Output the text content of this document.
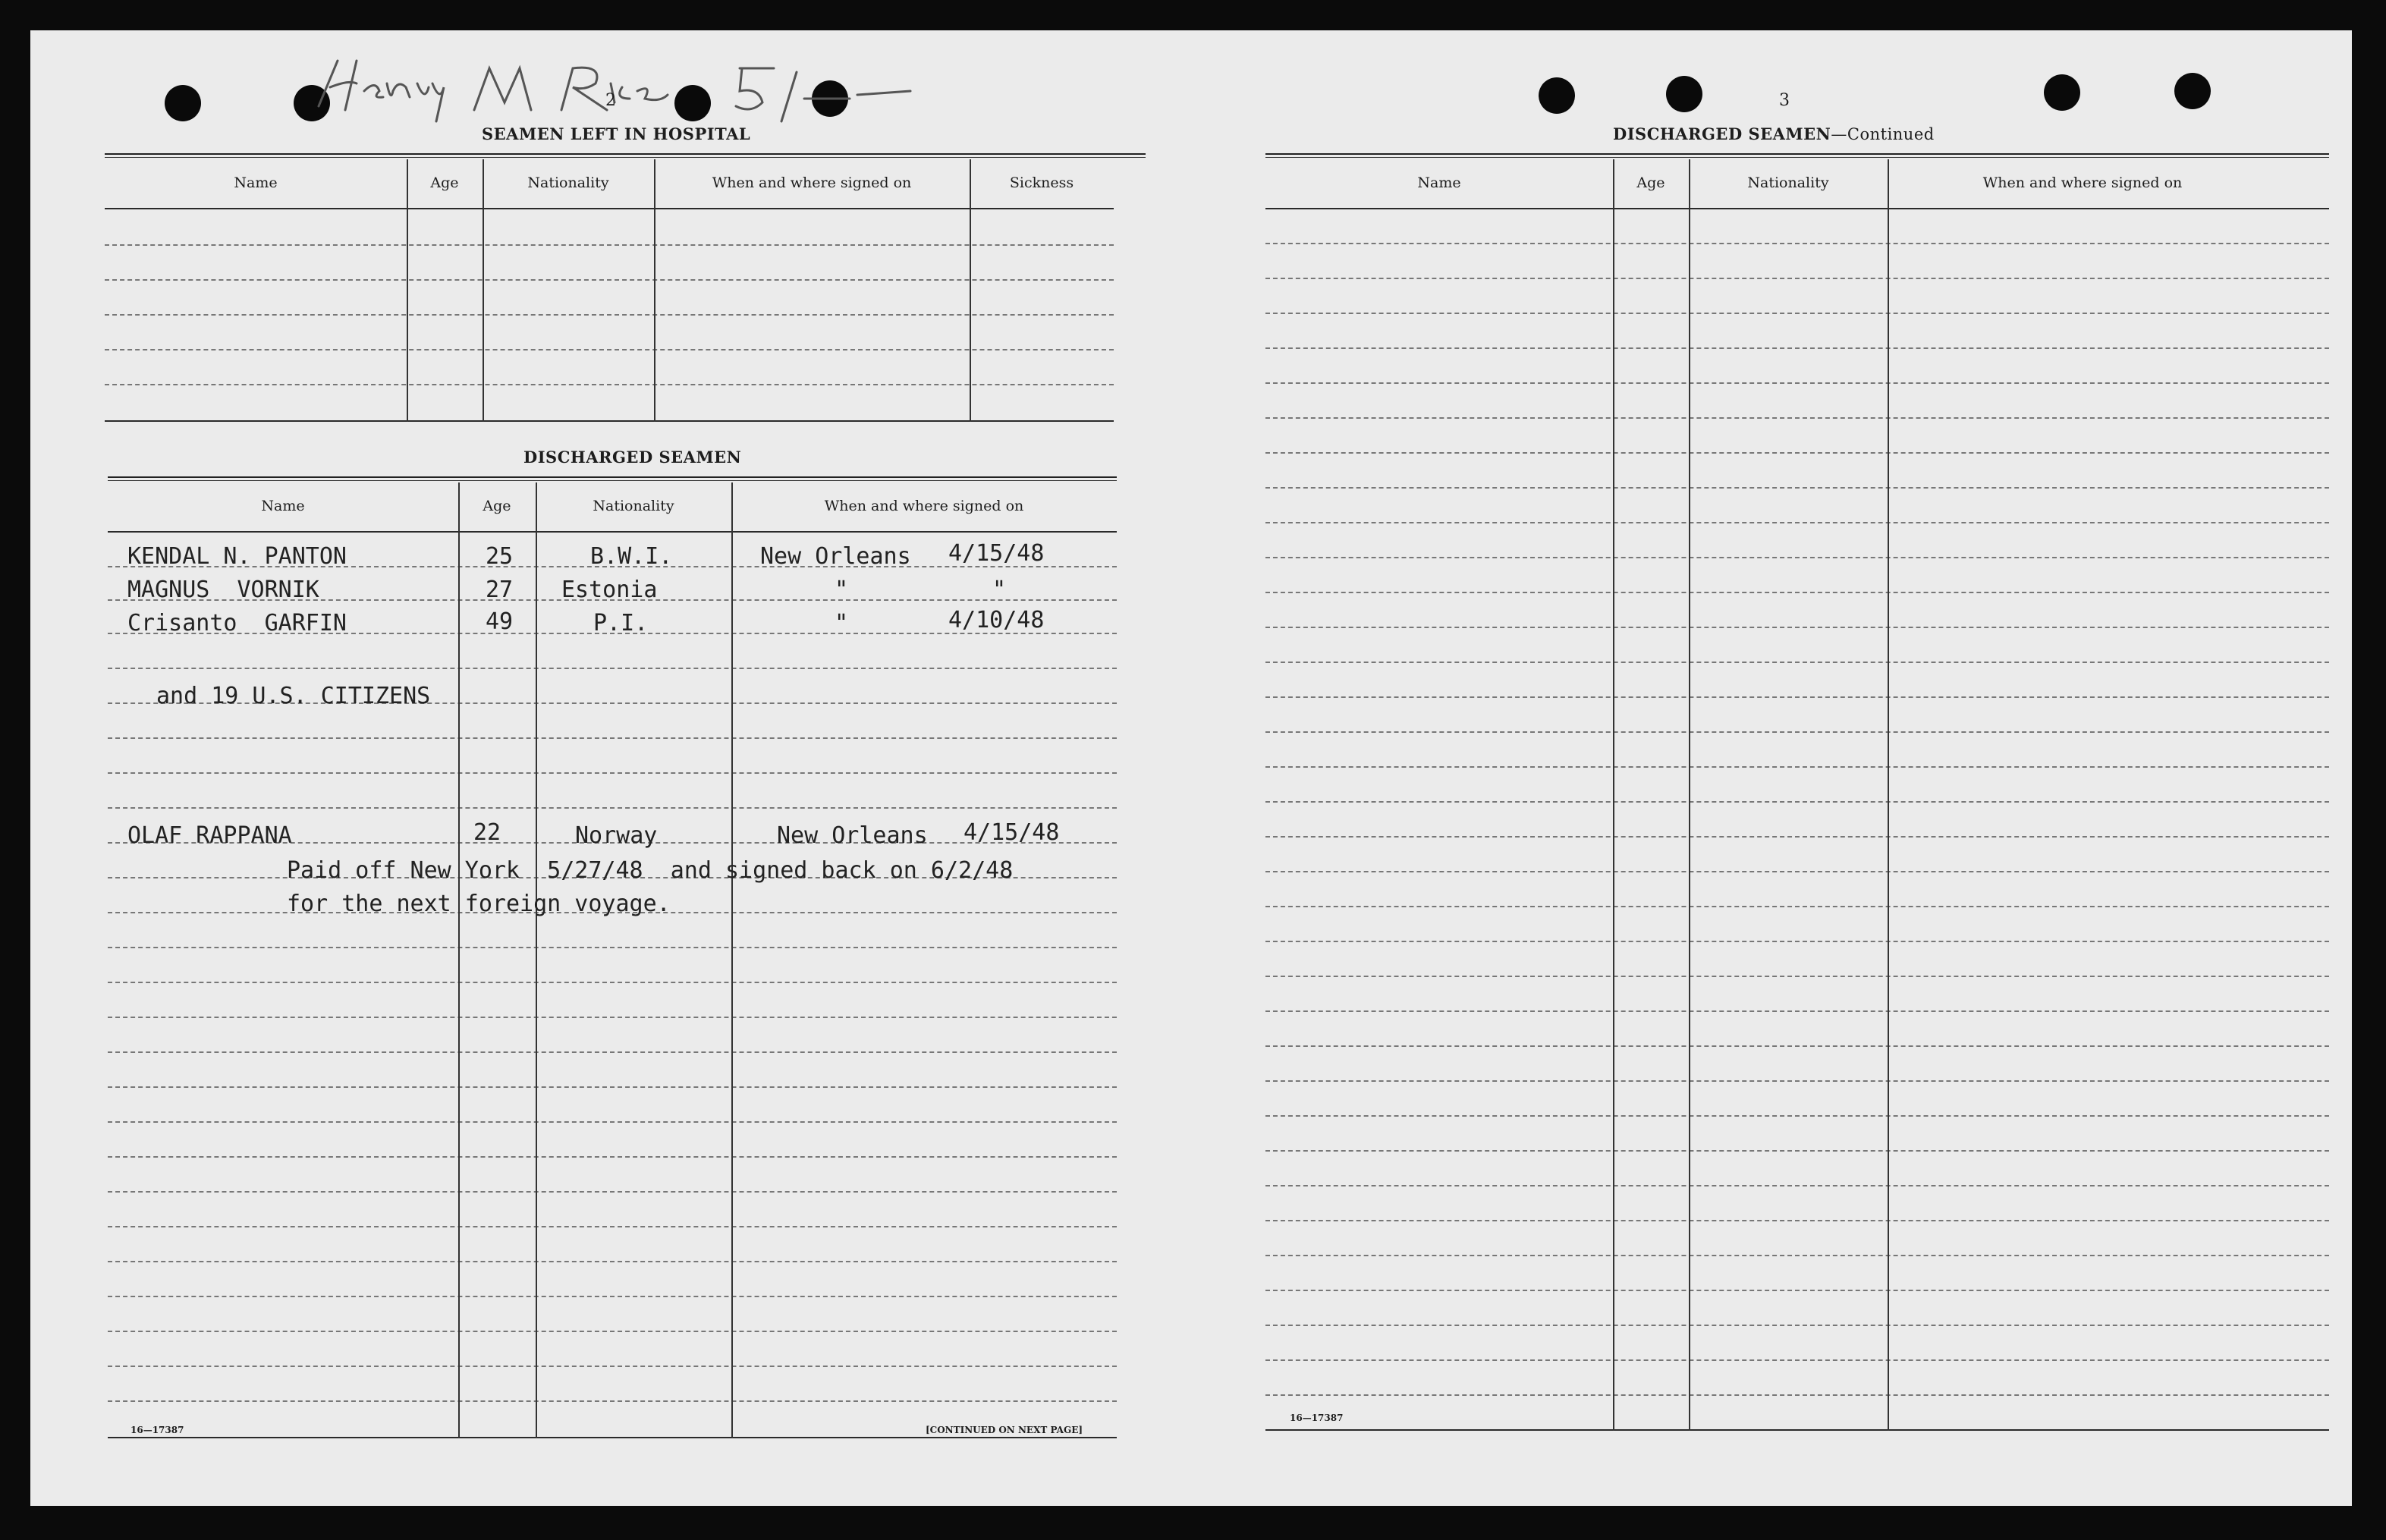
2	3
SEAMEN LEFT IN HOSPITAL
Name	Age	Nationality	When and where signed on	Sickness
DISCHARGED SEAMEN
Name	Age	Nationality	When and where signed on
KENDAL N. PANTON	25	B.W.I.	New Orleans 4/15/48
MAGNUS  VORNIK	27 Estonia	"	"
Crisanto  GARFIN	49	P.I.	"	4/10/48
and 19 U.S. CITIZENS
OLAF RAPPANA	22	Norway	New Orleans 4/15/48
Paid off New York  5/27/48  and signed back on 6/2/48
for the next foreign voyage.
16—17387	[CONTINUED ON NEXT PAGE]
DISCHARGED SEAMEN—Continued
Name	Age	Nationality	When and where signed on
16—17387
